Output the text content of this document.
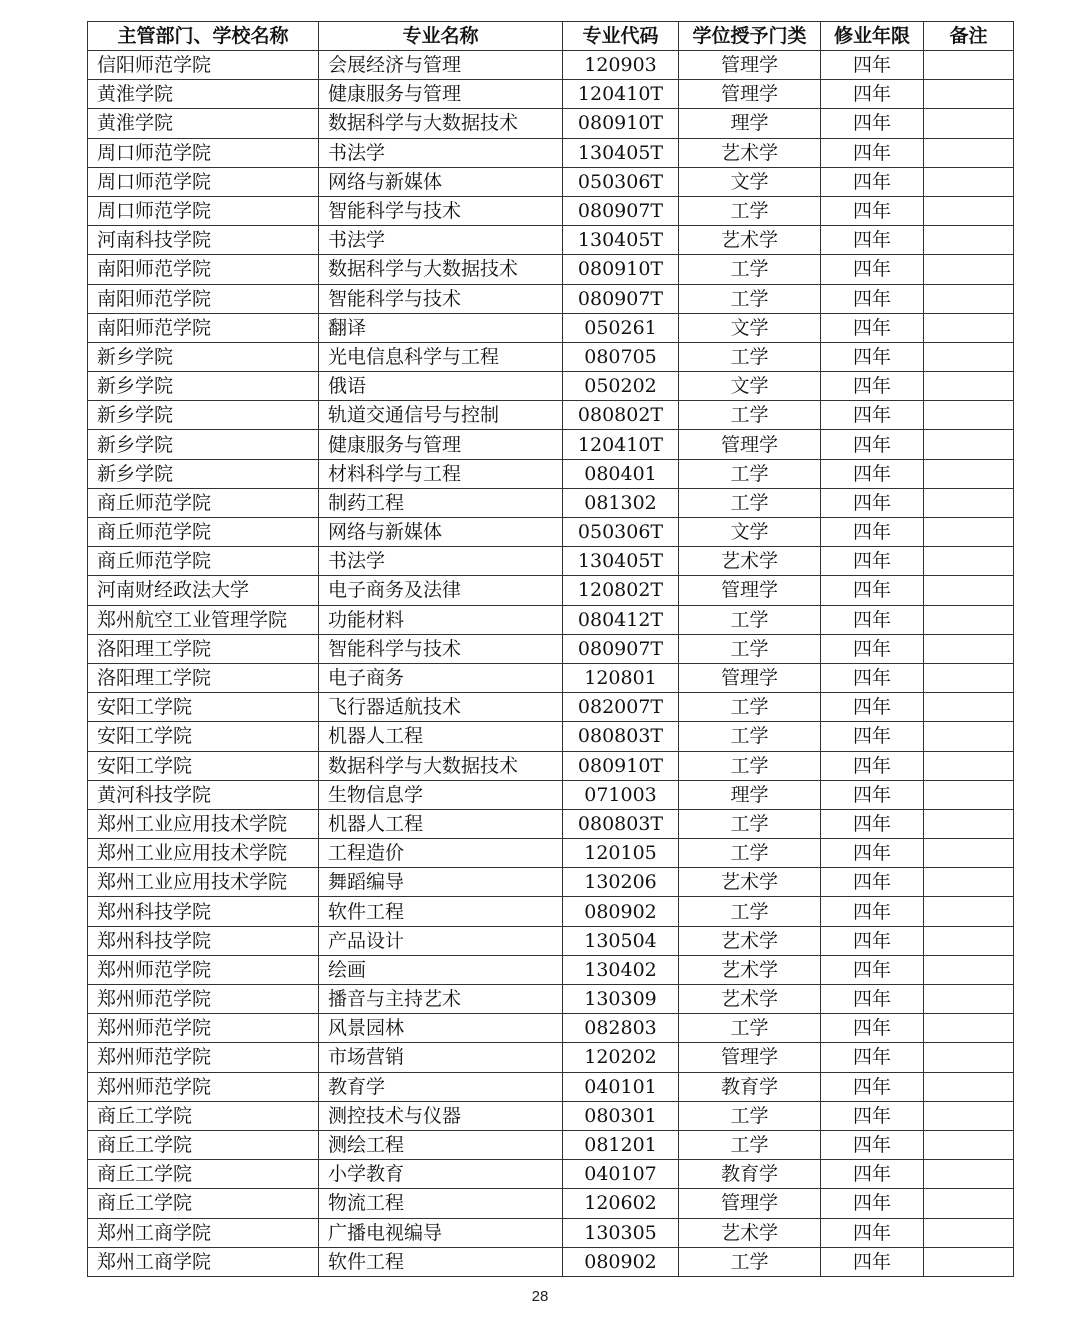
主管部门、学校名称	专业名称	专业代码	学位授予门类	修业年限	备注
信阳师范学院	会展经济与管理	120903	管理学	四年	
黄淮学院	健康服务与管理	120410T	管理学	四年	
黄淮学院	数据科学与大数据技术	080910T	理学	四年	
周口师范学院	书法学	130405T	艺术学	四年	
周口师范学院	网络与新媒体	050306T	文学	四年	
周口师范学院	智能科学与技术	080907T	工学	四年	
河南科技学院	书法学	130405T	艺术学	四年	
南阳师范学院	数据科学与大数据技术	080910T	工学	四年	
南阳师范学院	智能科学与技术	080907T	工学	四年	
南阳师范学院	翻译	050261	文学	四年	
新乡学院	光电信息科学与工程	080705	工学	四年	
新乡学院	俄语	050202	文学	四年	
新乡学院	轨道交通信号与控制	080802T	工学	四年	
新乡学院	健康服务与管理	120410T	管理学	四年	
新乡学院	材料科学与工程	080401	工学	四年	
商丘师范学院	制药工程	081302	工学	四年	
商丘师范学院	网络与新媒体	050306T	文学	四年	
商丘师范学院	书法学	130405T	艺术学	四年	
河南财经政法大学	电子商务及法律	120802T	管理学	四年	
郑州航空工业管理学院	功能材料	080412T	工学	四年	
洛阳理工学院	智能科学与技术	080907T	工学	四年	
洛阳理工学院	电子商务	120801	管理学	四年	
安阳工学院	飞行器适航技术	082007T	工学	四年	
安阳工学院	机器人工程	080803T	工学	四年	
安阳工学院	数据科学与大数据技术	080910T	工学	四年	
黄河科技学院	生物信息学	071003	理学	四年	
郑州工业应用技术学院	机器人工程	080803T	工学	四年	
郑州工业应用技术学院	工程造价	120105	工学	四年	
郑州工业应用技术学院	舞蹈编导	130206	艺术学	四年	
郑州科技学院	软件工程	080902	工学	四年	
郑州科技学院	产品设计	130504	艺术学	四年	
郑州师范学院	绘画	130402	艺术学	四年	
郑州师范学院	播音与主持艺术	130309	艺术学	四年	
郑州师范学院	风景园林	082803	工学	四年	
郑州师范学院	市场营销	120202	管理学	四年	
郑州师范学院	教育学	040101	教育学	四年	
商丘工学院	测控技术与仪器	080301	工学	四年	
商丘工学院	测绘工程	081201	工学	四年	
商丘工学院	小学教育	040107	教育学	四年	
商丘工学院	物流工程	120602	管理学	四年	
郑州工商学院	广播电视编导	130305	艺术学	四年	
郑州工商学院	软件工程	080902	工学	四年	
28
